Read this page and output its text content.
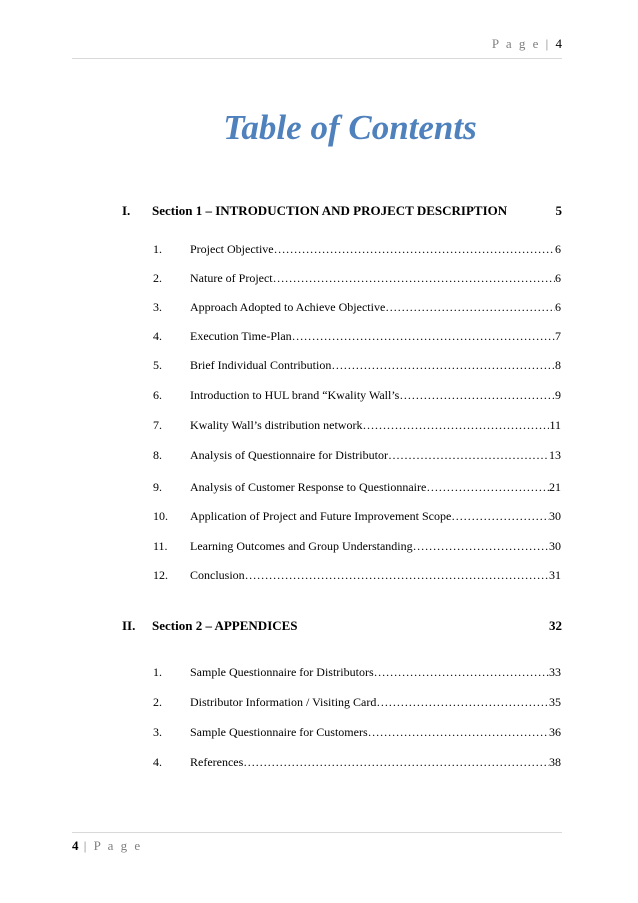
P a g e | 4
Table of Contents
I. Section 1 – INTRODUCTION AND PROJECT DESCRIPTION	5
1. Project Objective …………………………………………………………………………………………………………………………………	6
2. Nature of Project …………………………………………………………………………………………………………………………………	6
3. Approach Adopted to Achieve Objective …………………………………………………………………………………………………………………………………	6
4. Execution Time-Plan …………………………………………………………………………………………………………………………………	7
5. Brief Individual Contribution …………………………………………………………………………………………………………………………………	8
6. Introduction to HUL brand “Kwality Wall’s …………………………………………………………………………………………………………………………………	9
7. Kwality Wall’s distribution network …………………………………………………………………………………………………………………………………	11
8. Analysis of Questionnaire for Distributor …………………………………………………………………………………………………………………………………	13
9. Analysis of Customer Response to Questionnaire …………………………………………………………………………………………………………………………………	21
10. Application of Project and Future Improvement Scope …………………………………………………………………………………………………………………………………	30
11. Learning Outcomes and Group Understanding …………………………………………………………………………………………………………………………………	30
12. Conclusion …………………………………………………………………………………………………………………………………	31
II. Section 2 – APPENDICES	32
1. Sample Questionnaire for Distributors …………………………………………………………………………………………………………………………………	33
2. Distributor Information / Visiting Card …………………………………………………………………………………………………………………………………	35
3. Sample Questionnaire for Customers …………………………………………………………………………………………………………………………………	36
4. References …………………………………………………………………………………………………………………………………	38
4 | P a g e
